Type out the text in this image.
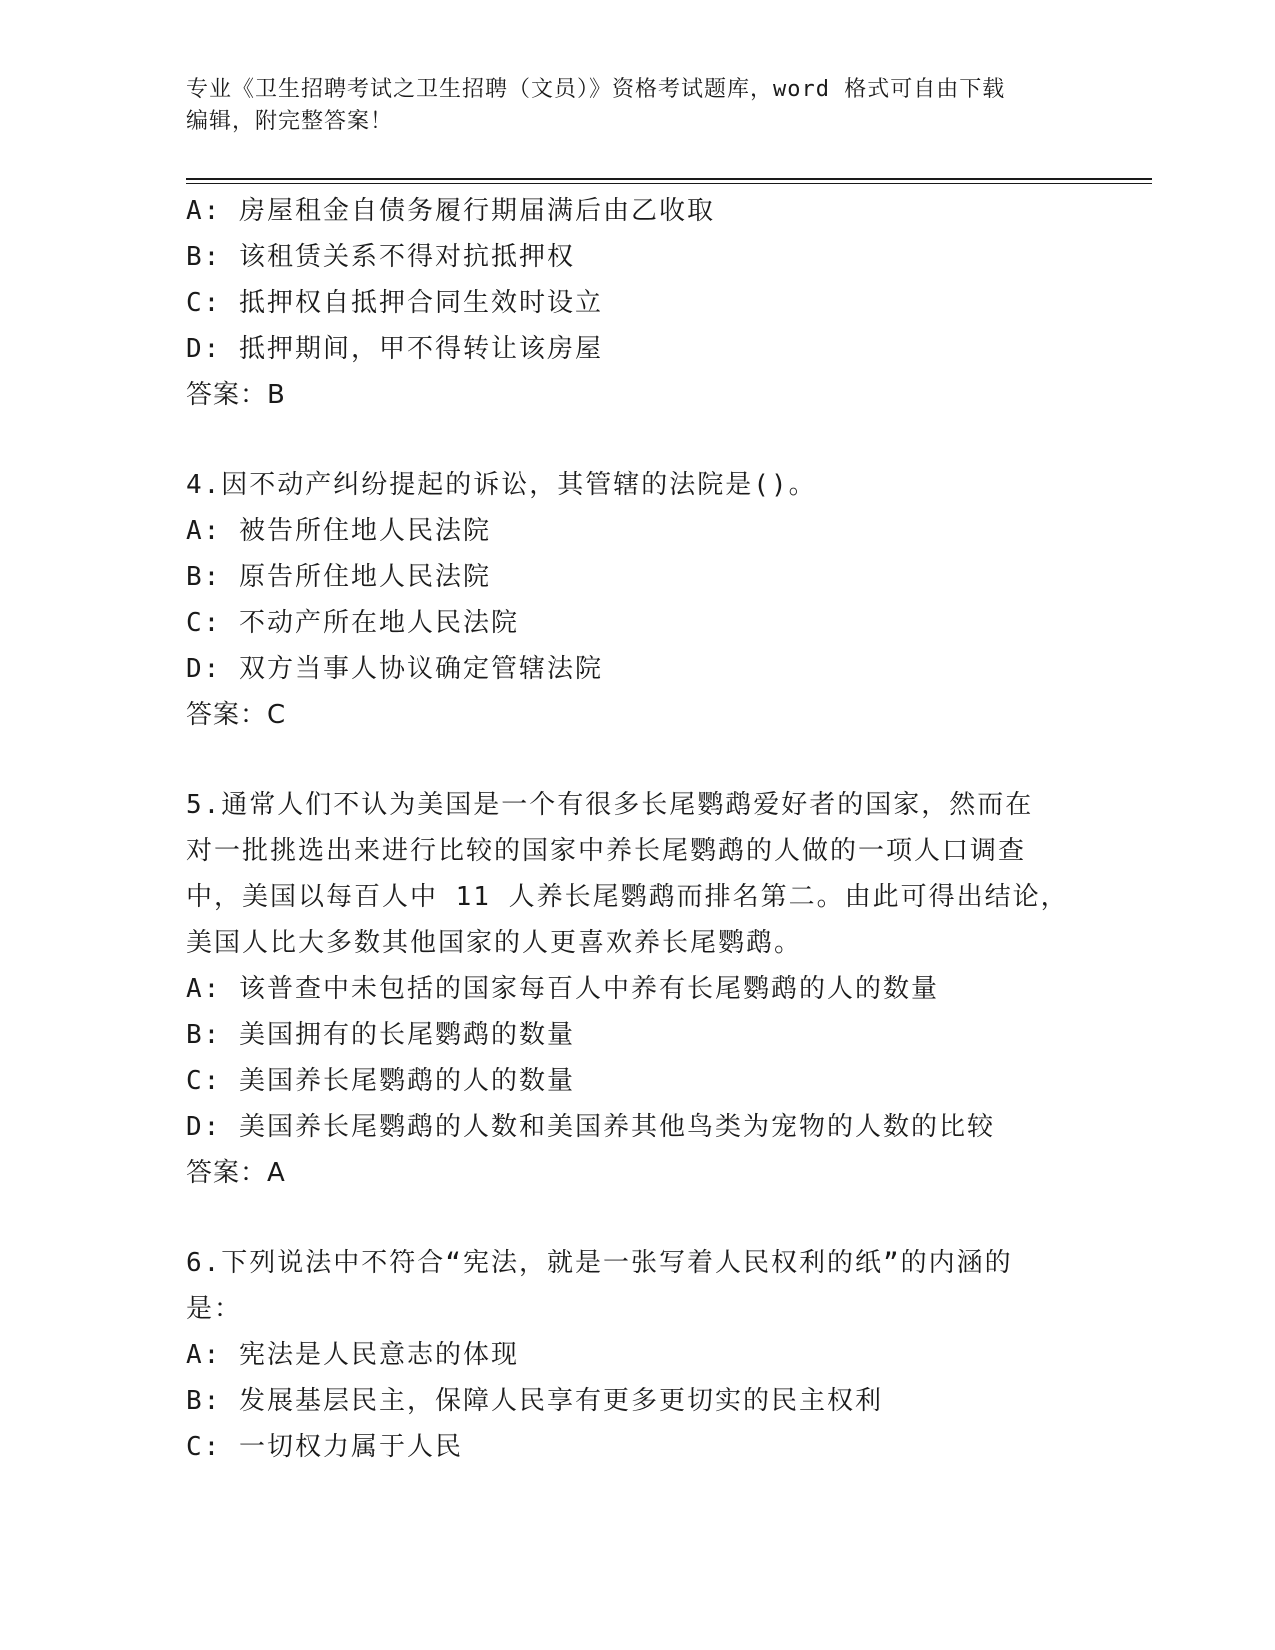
专业《卫生招聘考试之卫生招聘（文员）》资格考试题库，word 格式可自由下载
编辑，附完整答案！
A: 房屋租金自债务履行期届满后由乙收取
B: 该租赁关系不得对抗抵押权
C: 抵押权自抵押合同生效时设立
D: 抵押期间，甲不得转让该房屋
答案：B
4.因不动产纠纷提起的诉讼，其管辖的法院是()。
A: 被告所住地人民法院
B: 原告所住地人民法院
C: 不动产所在地人民法院
D: 双方当事人协议确定管辖法院
答案：C
5.通常人们不认为美国是一个有很多长尾鹦鹉爱好者的国家，然而在
对一批挑选出来进行比较的国家中养长尾鹦鹉的人做的一项人口调查
中，美国以每百人中 11 人养长尾鹦鹉而排名第二。由此可得出结论，
美国人比大多数其他国家的人更喜欢养长尾鹦鹉。
A: 该普查中未包括的国家每百人中养有长尾鹦鹉的人的数量
B: 美国拥有的长尾鹦鹉的数量
C: 美国养长尾鹦鹉的人的数量
D: 美国养长尾鹦鹉的人数和美国养其他鸟类为宠物的人数的比较
答案：A
6.下列说法中不符合“宪法，就是一张写着人民权利的纸”的内涵的
是：
A: 宪法是人民意志的体现
B: 发展基层民主，保障人民享有更多更切实的民主权利
C: 一切权力属于人民
